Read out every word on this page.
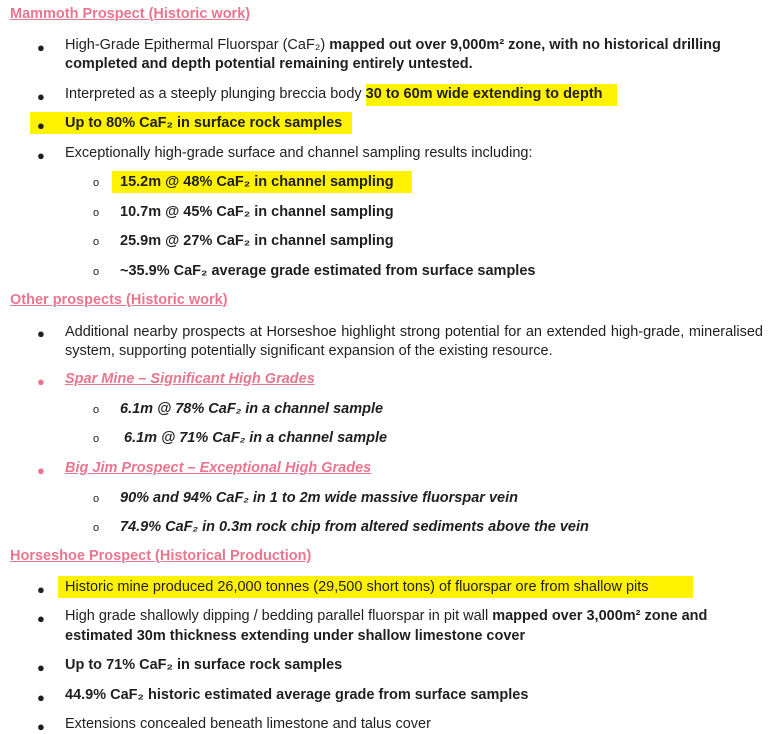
Mammoth Prospect (Historic work)
● High-Grade Epithermal Fluorspar (CaF₂) mapped out over 9,000m² zone, with no historical drilling
completed and depth potential remaining entirely untested.
● Interpreted as a steeply plunging breccia body 30 to 60m wide extending to depth
● Up to 80% CaF₂ in surface rock samples
● Exceptionally high-grade surface and channel sampling results including:
o 15.2m @ 48% CaF₂ in channel sampling
o 10.7m @ 45% CaF₂ in channel sampling
o 25.9m @ 27% CaF₂ in channel sampling
o ~35.9% CaF₂ average grade estimated from surface samples
Other prospects (Historic work)
● Additional nearby prospects at Horseshoe highlight strong potential for an extended high-grade, mineralised system, supporting potentially significant expansion of the existing resource.
● Spar Mine – Significant High Grades
o 6.1m @ 78% CaF₂ in a channel sample
o 6.1m @ 71% CaF₂ in a channel sample
● Big Jim Prospect – Exceptional High Grades
o 90% and 94% CaF₂ in 1 to 2m wide massive fluorspar vein
o 74.9% CaF₂ in 0.3m rock chip from altered sediments above the vein
Horseshoe Prospect (Historical Production)
● Historic mine produced 26,000 tonnes (29,500 short tons) of fluorspar ore from shallow pits
● High grade shallowly dipping / bedding parallel fluorspar in pit wall mapped over 3,000m² zone and
estimated 30m thickness extending under shallow limestone cover
● Up to 71% CaF₂ in surface rock samples
● 44.9% CaF₂ historic estimated average grade from surface samples
● Extensions concealed beneath limestone and talus cover
